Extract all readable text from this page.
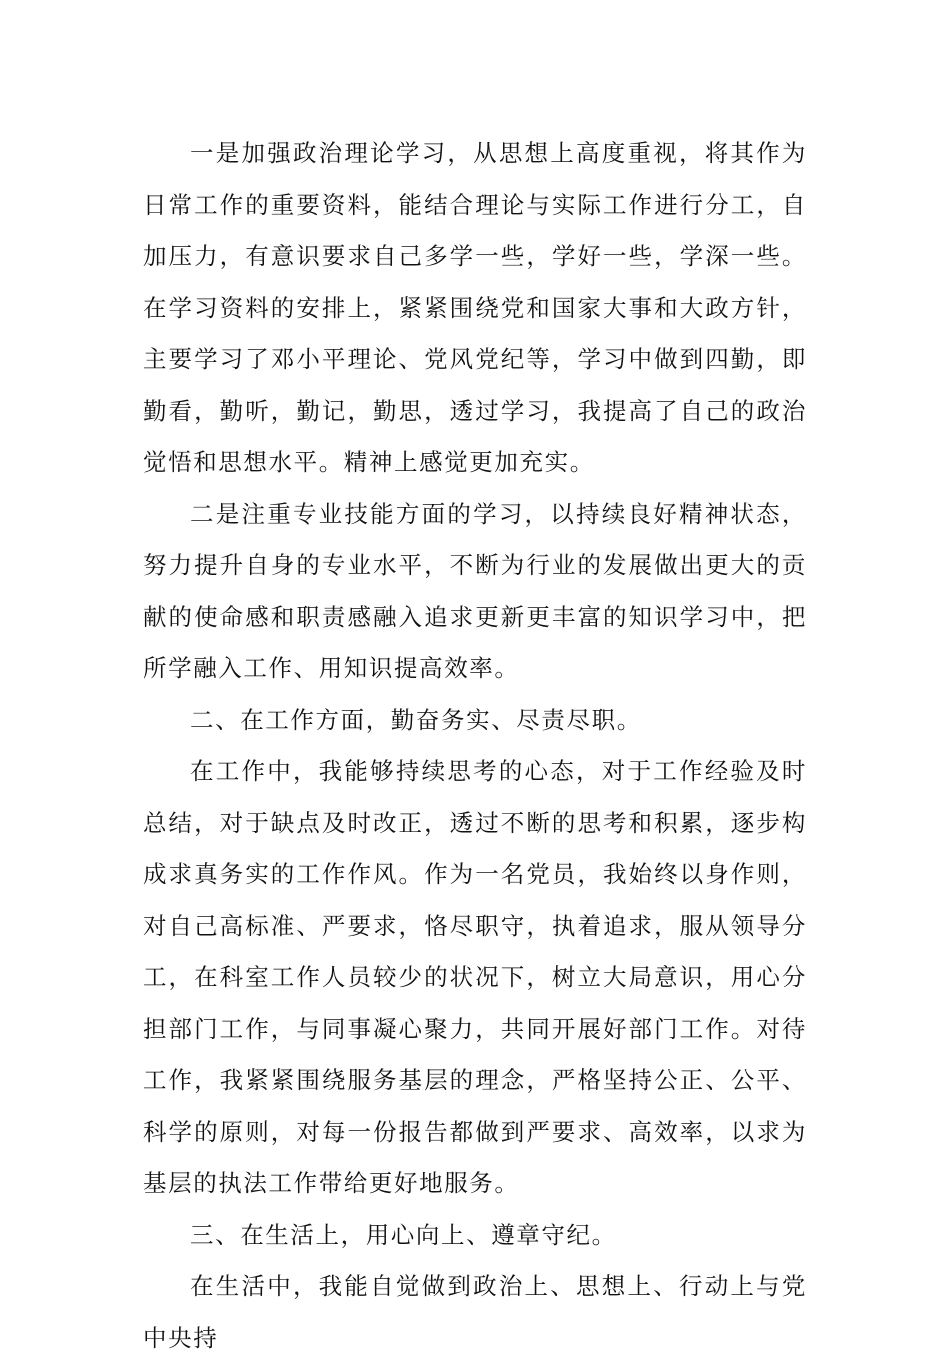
一是加强政治理论学习，从思想上高度重视，将其作为日常工作的重要资料，能结合理论与实际工作进行分工，自加压力，有意识要求自己多学一些，学好一些，学深一些。在学习资料的安排上，紧紧围绕党和国家大事和大政方针，主要学习了邓小平理论、党风党纪等，学习中做到四勤，即勤看，勤听，勤记，勤思，透过学习，我提高了自己的政治觉悟和思想水平。精神上感觉更加充实。

二是注重专业技能方面的学习，以持续良好精神状态，努力提升自身的专业水平，不断为行业的发展做出更大的贡献的使命感和职责感融入追求更新更丰富的知识学习中，把所学融入工作、用知识提高效率。

二、在工作方面，勤奋务实、尽责尽职。

在工作中，我能够持续思考的心态，对于工作经验及时总结，对于缺点及时改正，透过不断的思考和积累，逐步构成求真务实的工作作风。作为一名党员，我始终以身作则，对自己高标准、严要求，恪尽职守，执着追求，服从领导分工，在科室工作人员较少的状况下，树立大局意识，用心分担部门工作，与同事凝心聚力，共同开展好部门工作。对待工作，我紧紧围绕服务基层的理念，严格坚持公正、公平、科学的原则，对每一份报告都做到严要求、高效率，以求为基层的执法工作带给更好地服务。

三、在生活上，用心向上、遵章守纪。

在生活中，我能自觉做到政治上、思想上、行动上与党中央持
